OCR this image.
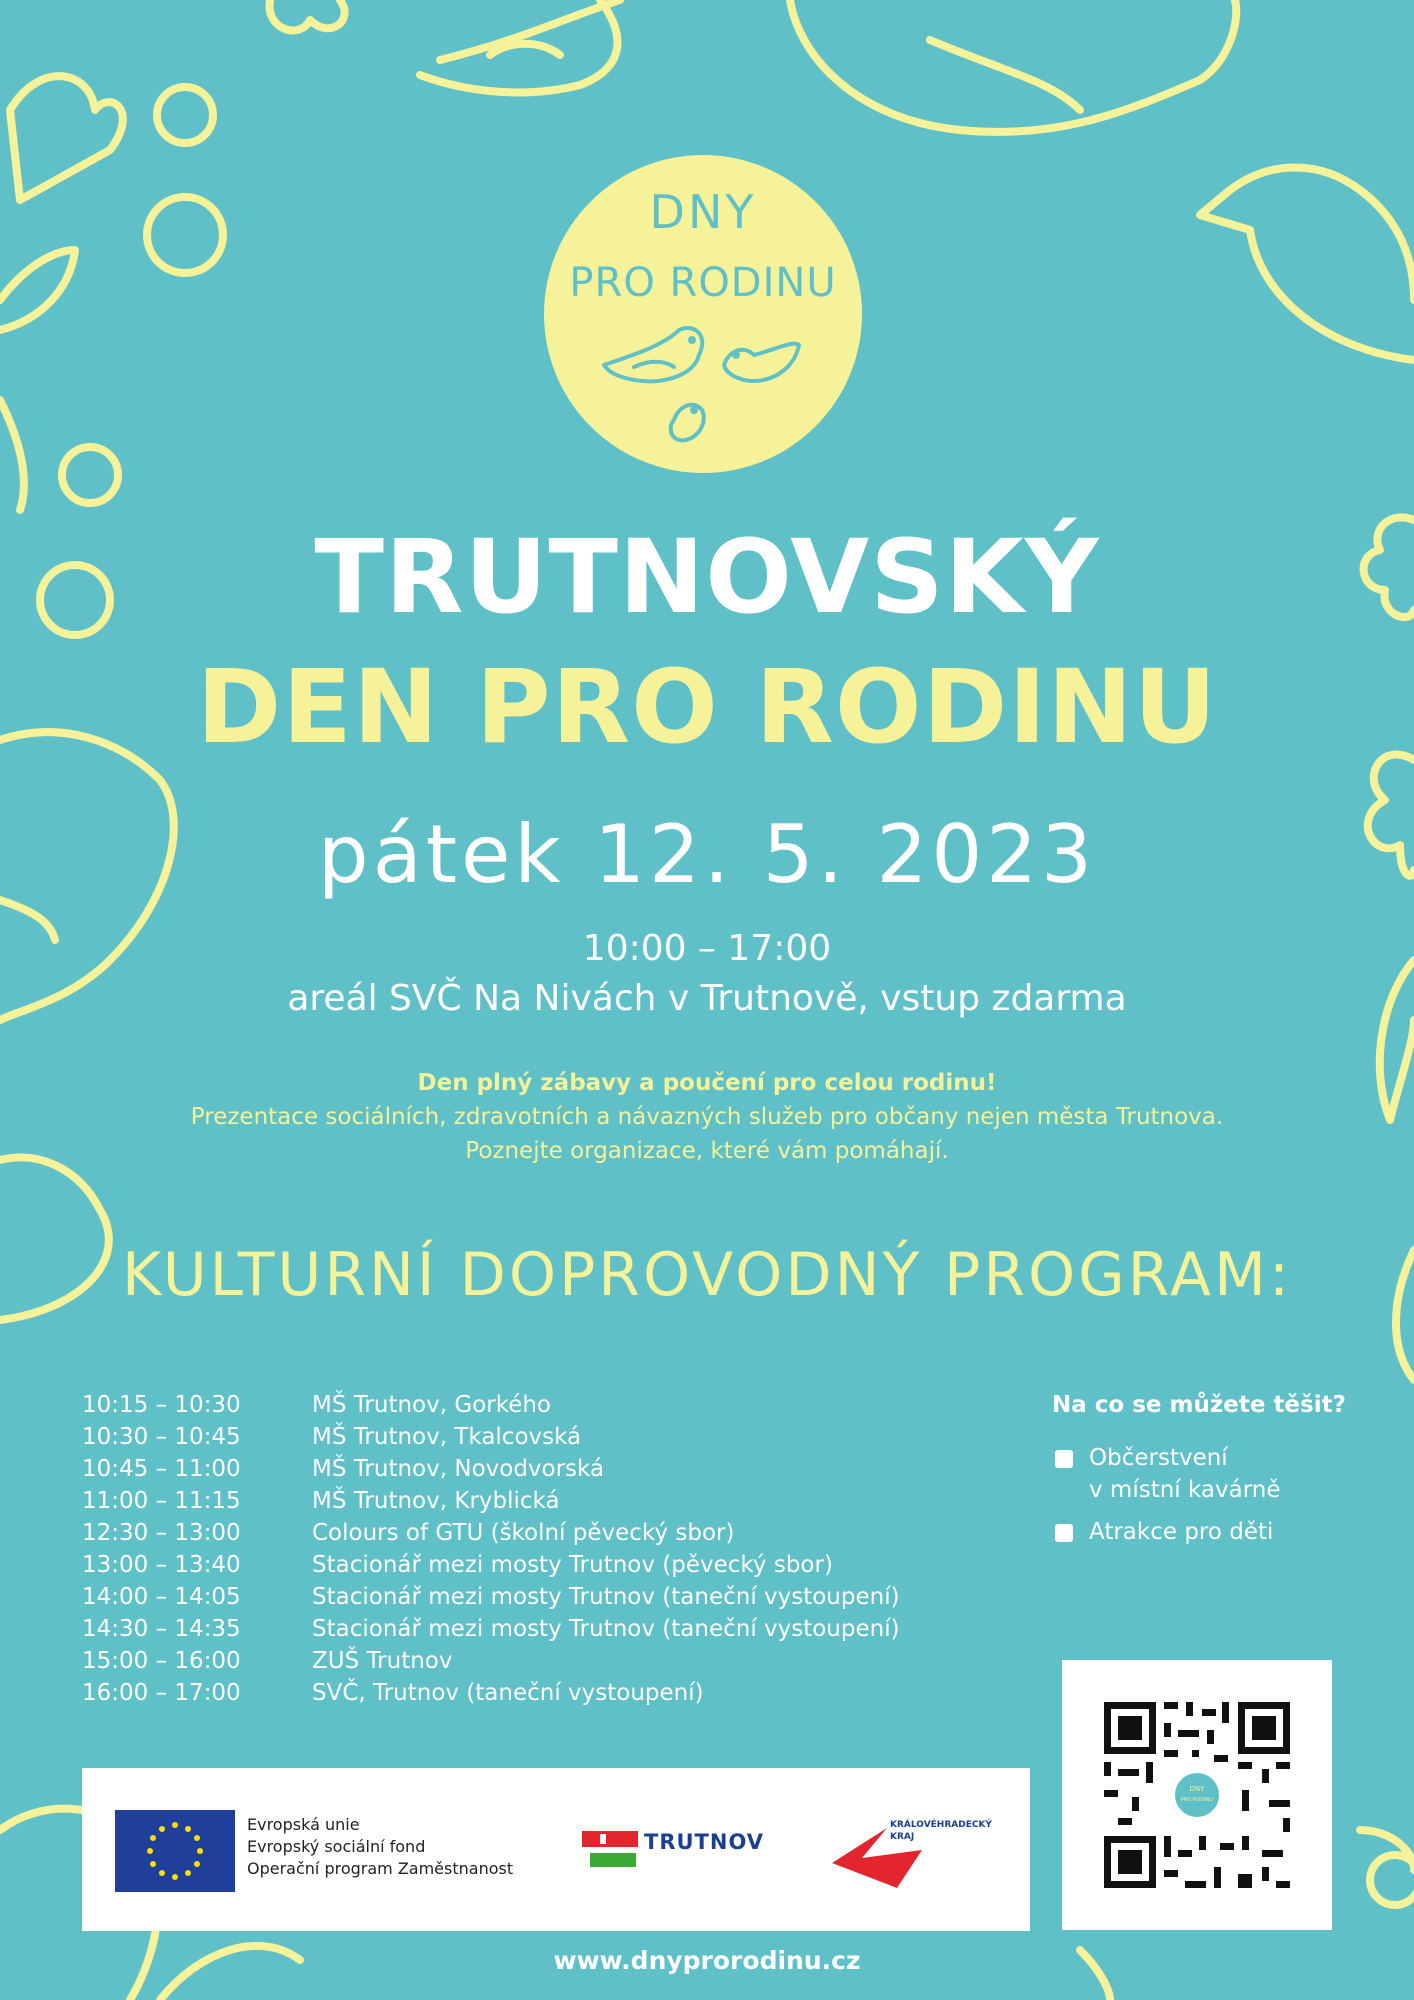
DNY
PRO RODINU
TRUTNOVSKÝ
DEN PRO RODINU
pátek 12. 5. 2023
10:00 – 17:00
areál SVČ Na Nivách v Trutnově, vstup zdarma
Den plný zábavy a poučení pro celou rodinu!
Prezentace sociálních, zdravotních a návazných služeb pro občany nejen města Trutnova.
Poznejte organizace, které vám pomáhají.
KULTURNÍ DOPROVODNÝ PROGRAM:
10:15 – 10:30	MŠ Trutnov, Gorkého
10:30 – 10:45	MŠ Trutnov, Tkalcovská
10:45 – 11:00	MŠ Trutnov, Novodvorská
11:00 – 11:15	MŠ Trutnov, Kryblická
12:30 – 13:00	Colours of GTU (školní pěvecký sbor)
13:00 – 13:40	Stacionář mezi mosty Trutnov (pěvecký sbor)
14:00 – 14:05	Stacionář mezi mosty Trutnov (taneční vystoupení)
14:30 – 14:35	Stacionář mezi mosty Trutnov (taneční vystoupení)
15:00 – 16:00	ZUŠ Trutnov
16:00 – 17:00	SVČ, Trutnov (taneční vystoupení)
Na co se můžete těšit?
Občerstvení
v místní kavárně
Atrakce pro děti
Evropská unie
Evropský sociální fond
Operační program Zaměstnanost
TRUTNOV
KRÁLOVÉHRADECKÝ
KRAJ
DNY
PRO RODINU
www.dnyprorodinu.cz
